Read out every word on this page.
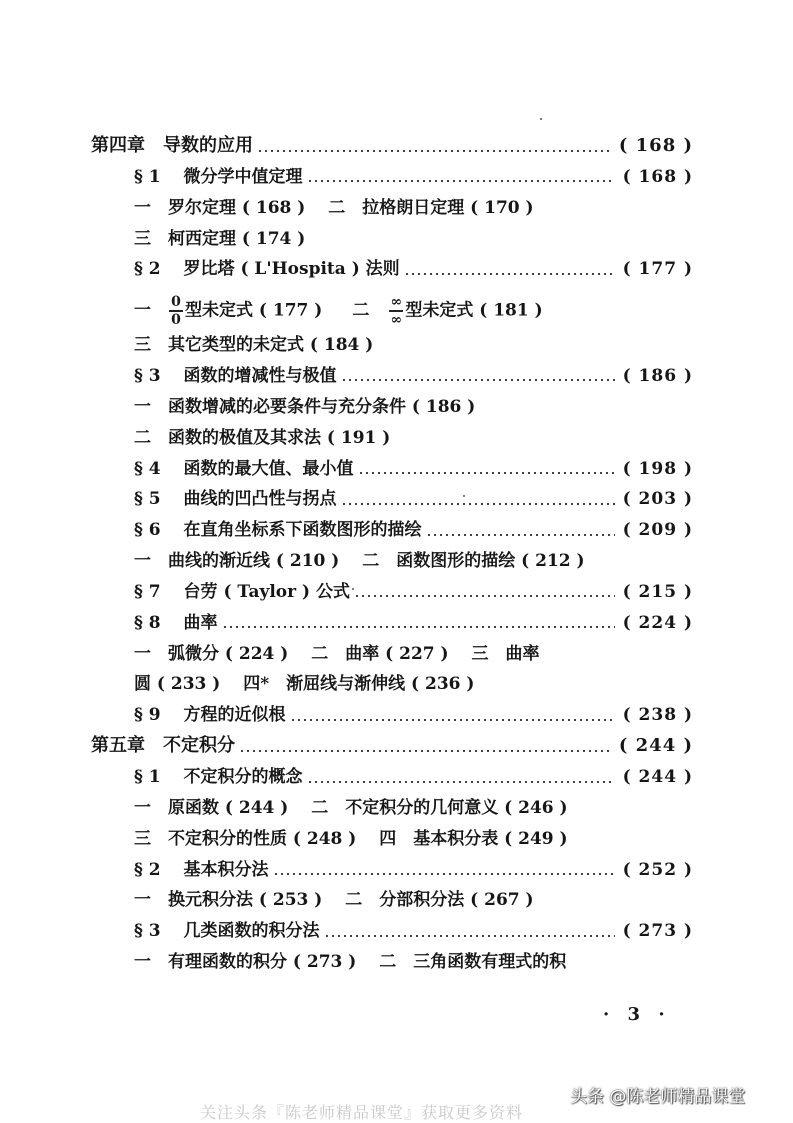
第四章　导数的应用	( 168 )
§ 1　 微分学中值定理	( 168 )
一　罗尔定理 ( 168 )　 二　拉格朗日定理 ( 170 )
三　柯西定理 ( 174 )
§ 2　 罗比塔 ( L'Hospita ) 法则	( 177 )
一 $\frac{0}{0}$ 型未定式 ( 177 ) 二 $\frac{\infty}{\infty}$ 型未定式 ( 181 )
三　其它类型的未定式 ( 184 )
§ 3　 函数的增减性与极值	( 186 )
一　函数增减的必要条件与充分条件 ( 186 )
二　函数的极值及其求法 ( 191 )
§ 4　 函数的最大值、最小值	( 198 )
§ 5　 曲线的凹凸性与拐点	( 203 )
§ 6　 在直角坐标系下函数图形的描绘	( 209 )
一　曲线的渐近线 ( 210 )　 二　函数图形的描绘 ( 212 )
§ 7　 台劳 ( Taylor ) 公式	( 215 )
§ 8　 曲率	( 224 )
一　弧微分 ( 224 )　 二　曲率 ( 227 )　 三　曲率
圆 ( 233 )　 四*　渐屈线与渐伸线 ( 236 )
§ 9　 方程的近似根	( 238 )
第五章　不定积分	( 244 )
§ 1　 不定积分的概念	( 244 )
一　原函数 ( 244 )　 二　不定积分的几何意义 ( 246 )
三　不定积分的性质 ( 248 )　 四　基本积分表 ( 249 )
§ 2　 基本积分法	( 252 )
一　换元积分法 ( 253 )　 二　分部积分法 ( 267 )
§ 3　 几类函数的积分法	( 273 )
一　有理函数的积分 ( 273 )　 二　三角函数有理式的积
· 3 ·
头条 @陈老师精品课堂
关注头条『陈老师精品课堂』获取更多资料
